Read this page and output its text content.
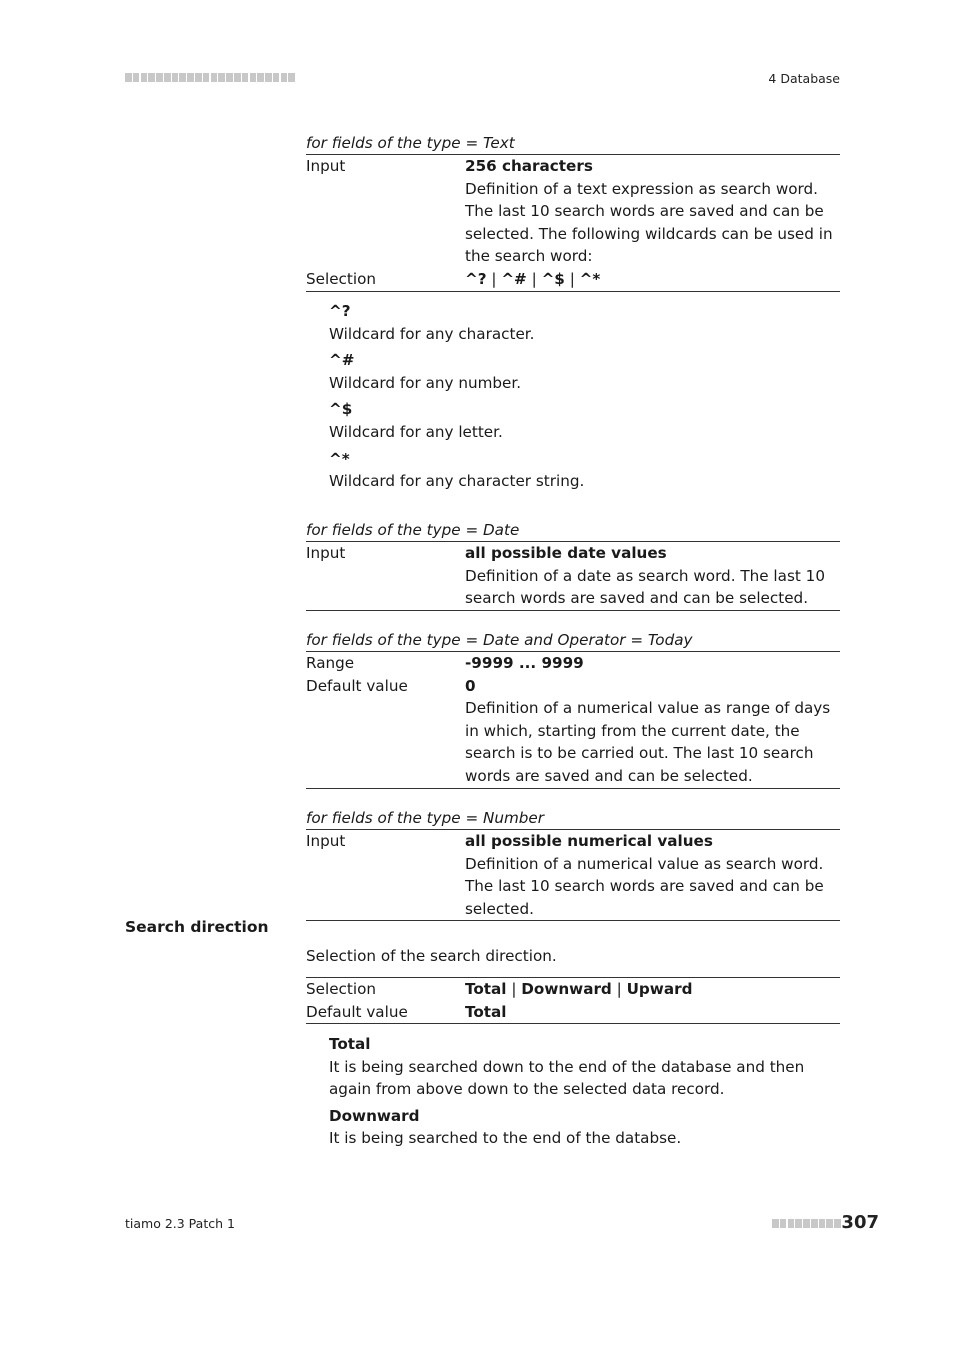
4 Database
for fields of the type = Text
Input	256 characters
Definition of a text expression as search word. The last 10 search words are saved and can be selected. The following wildcards can be used in the search word:
Selection	^? | ^# | ^$ | ^*
^?
Wildcard for any character.
^#
Wildcard for any number.
^$
Wildcard for any letter.
^*
Wildcard for any character string.
for fields of the type = Date
Input	all possible date values
Definition of a date as search word. The last 10 search words are saved and can be selected.
for fields of the type = Date and Operator = Today
Range	-9999 ... 9999
Default value	0
Definition of a numerical value as range of days in which, starting from the current date, the search is to be carried out. The last 10 search words are saved and can be selected.
for fields of the type = Number
Input	all possible numerical values
Definition of a numerical value as search word. The last 10 search words are saved and can be selected.
Search direction
Selection of the search direction.
Selection	Total | Downward | Upward
Default value	Total
Total
It is being searched down to the end of the database and then again from above down to the selected data record.
Downward
It is being searched to the end of the databse.
tiamo 2.3 Patch 1	307
